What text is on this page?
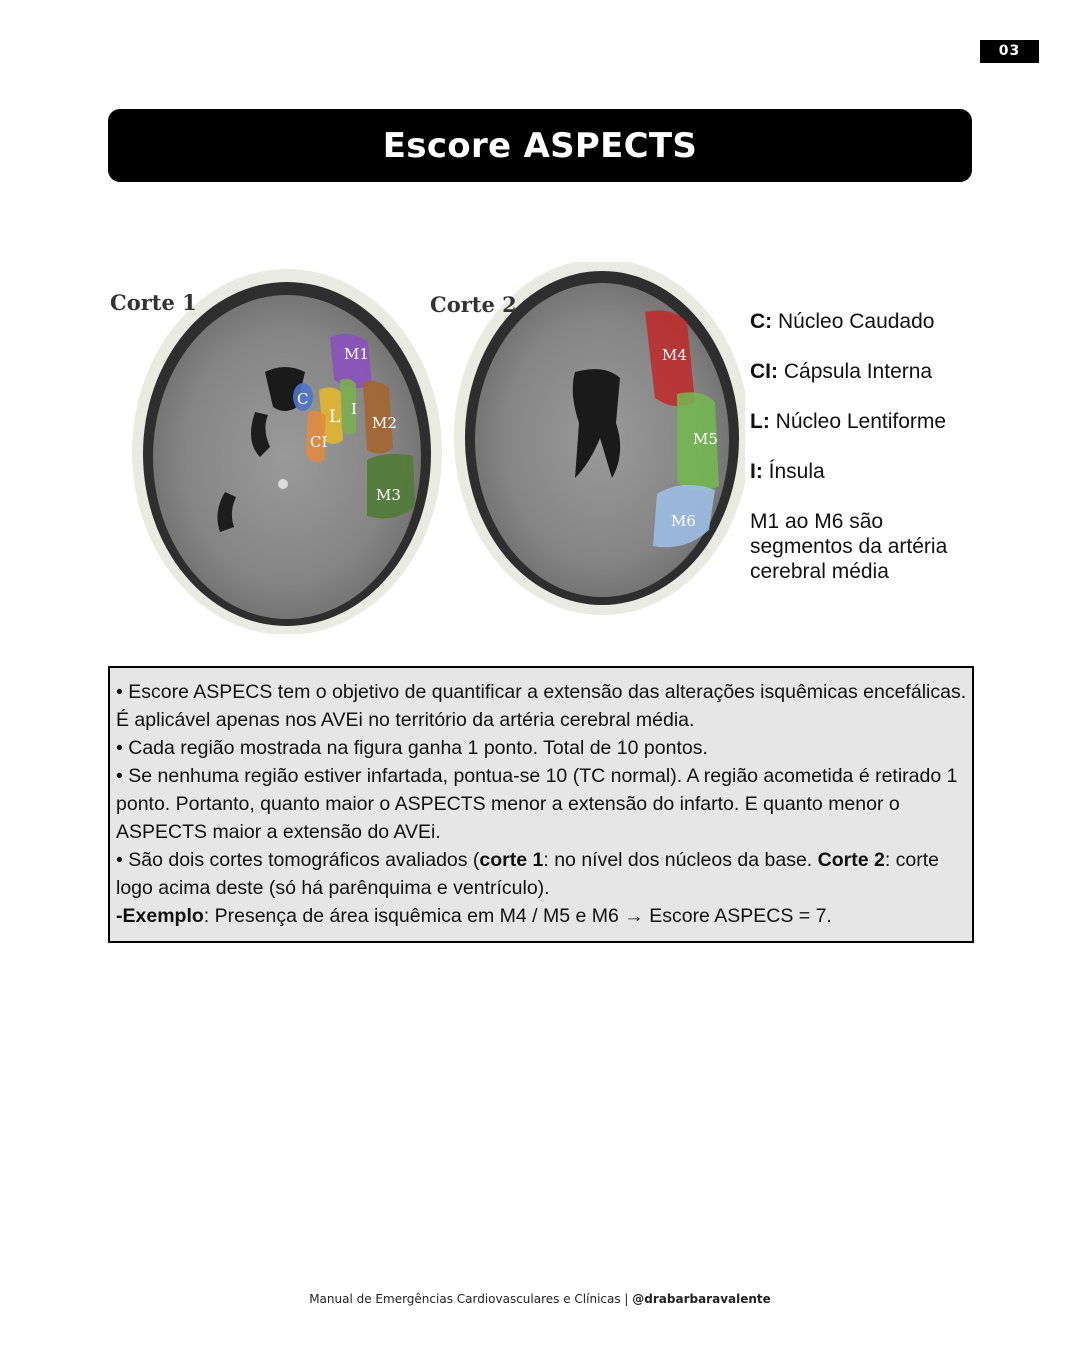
03
Escore ASPECTS
Corte 1
M1
M2
M3
C
L I
CI
Corte 2
M4
M5
M6

C: Núcleo Caudado

CI: Cápsula Interna

L: Núcleo Lentiforme

I: Ínsula

M1 ao M6 são
segmentos da artéria
cerebral média

• Escore ASPECS tem o objetivo de quantificar a extensão das alterações isquêmicas encefálicas. É aplicável apenas nos AVEi no território da artéria cerebral média.

• Cada região mostrada na figura ganha 1 ponto. Total de 10 pontos.

• Se nenhuma região estiver infartada, pontua-se 10 (TC normal). A região acometida é retirado 1 ponto. Portanto, quanto maior o ASPECTS menor a extensão do infarto. E quanto menor o ASPECTS maior a extensão do AVEi.

• São dois cortes tomográficos avaliados (corte 1: no nível dos núcleos da base. Corte 2: corte logo acima deste (só há parênquima e ventrículo).

-Exemplo: Presença de área isquêmica em M4 / M5 e M6 → Escore ASPECS = 7.

Manual de Emergências Cardiovasculares e Clínicas | @drabarbaravalente
